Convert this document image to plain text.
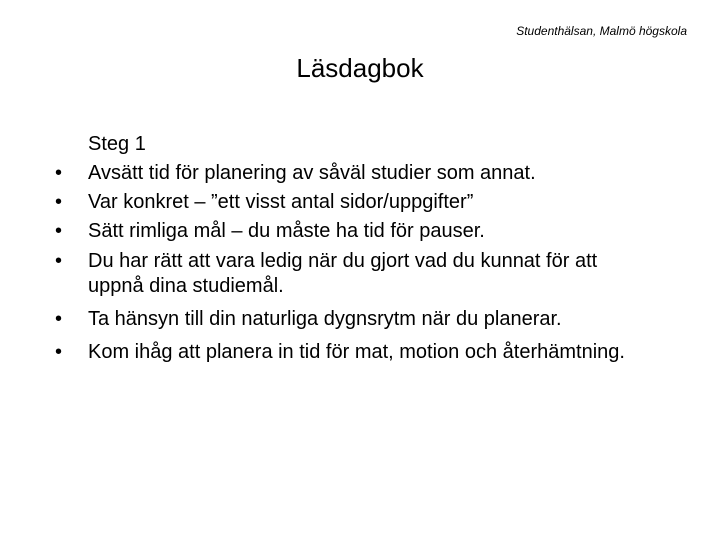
Studenthälsan, Malmö högskola
Läsdagbok
Steg 1
•	Avsätt tid för planering av såväl studier som annat.
•	Var konkret – ”ett visst antal sidor/uppgifter”
•	Sätt rimliga mål – du måste ha tid för pauser.
•	Du har rätt att vara ledig när du gjort vad du kunnat för att uppnå dina studiemål.
•	Ta hänsyn till din naturliga dygnsrytm när du planerar.
•	Kom ihåg att planera in tid för mat, motion och återhämtning.
